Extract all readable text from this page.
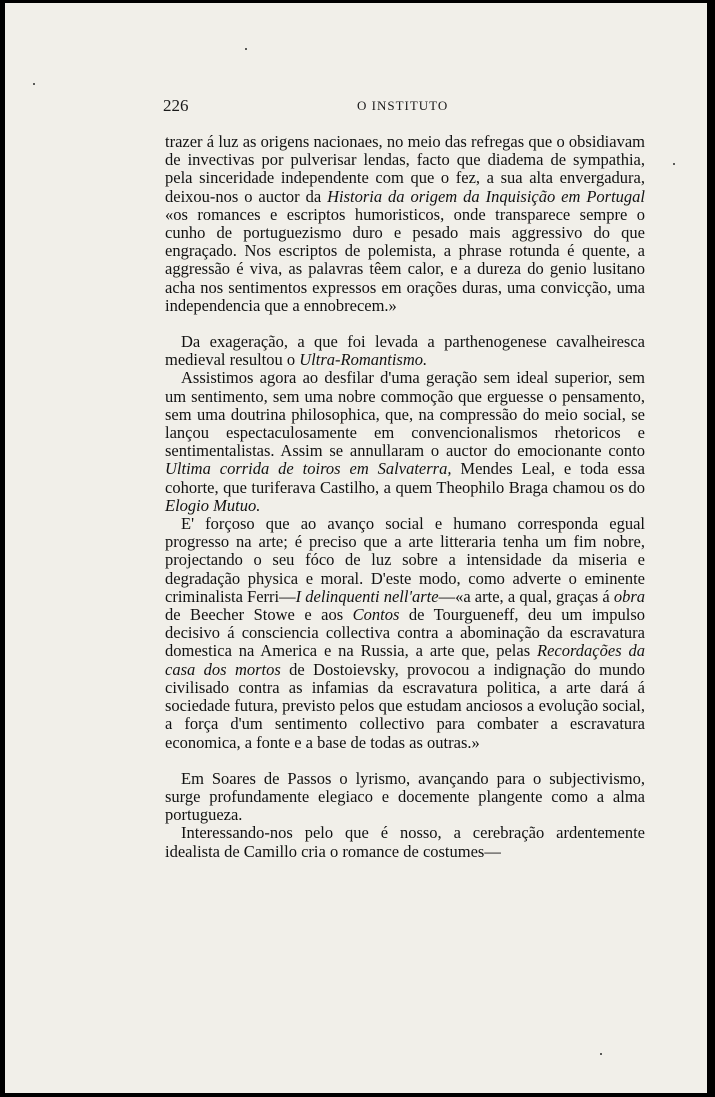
226	O INSTITUTO

trazer á luz as origens nacionaes, no meio das refregas que o obsidiavam de invectivas por pulverisar lendas, facto que diadema de sympathia, pela sinceridade independente com que o fez, a sua alta envergadura, deixou-nos o auctor da Historia da origem da Inquisição em Portugal «os romances e escriptos humoristicos, onde transparece sempre o cunho de portuguezismo duro e pesado mais aggressivo do que engraçado. Nos escriptos de polemista, a phrase rotunda é quente, a aggressão é viva, as palavras têem calor, e a dureza do genio lusitano acha nos sentimentos expressos em orações duras, uma convicção, uma independencia que a ennobrecem.»

Da exageração, a que foi levada a parthenogenese cavalheiresca medieval resultou o Ultra-Romantismo.

Assistimos agora ao desfilar d'uma geração sem ideal superior, sem um sentimento, sem uma nobre commoção que erguesse o pensamento, sem uma doutrina philosophica, que, na compressão do meio social, se lançou espectaculosamente em convencionalismos rhetoricos e sentimentalistas. Assim se annullaram o auctor do emocionante conto Ultima corrida de toiros em Salvaterra, Mendes Leal, e toda essa cohorte, que turiferava Castilho, a quem Theophilo Braga chamou os do Elogio Mutuo.

E' forçoso que ao avanço social e humano corresponda egual progresso na arte; é preciso que a arte litteraria tenha um fim nobre, projectando o seu fóco de luz sobre a intensidade da miseria e degradação physica e moral. D'este modo, como adverte o eminente criminalista Ferri—I delinquenti nell'arte—«a arte, a qual, graças á obra de Beecher Stowe e aos Contos de Tourgueneff, deu um impulso decisivo á consciencia collectiva contra a abominação da escravatura domestica na America e na Russia, a arte que, pelas Recordações da casa dos mortos de Dostoievsky, provocou a indignação do mundo civilisado contra as infamias da escravatura politica, a arte dará á sociedade futura, previsto pelos que estudam anciosos a evolução social, a força d'um sentimento collectivo para combater a escravatura economica, a fonte e a base de todas as outras.»

Em Soares de Passos o lyrismo, avançando para o subjectivismo, surge profundamente elegiaco e docemente plangente como a alma portugueza.

Interessando-nos pelo que é nosso, a cerebração ardentemente idealista de Camillo cria o romance de costumes—
